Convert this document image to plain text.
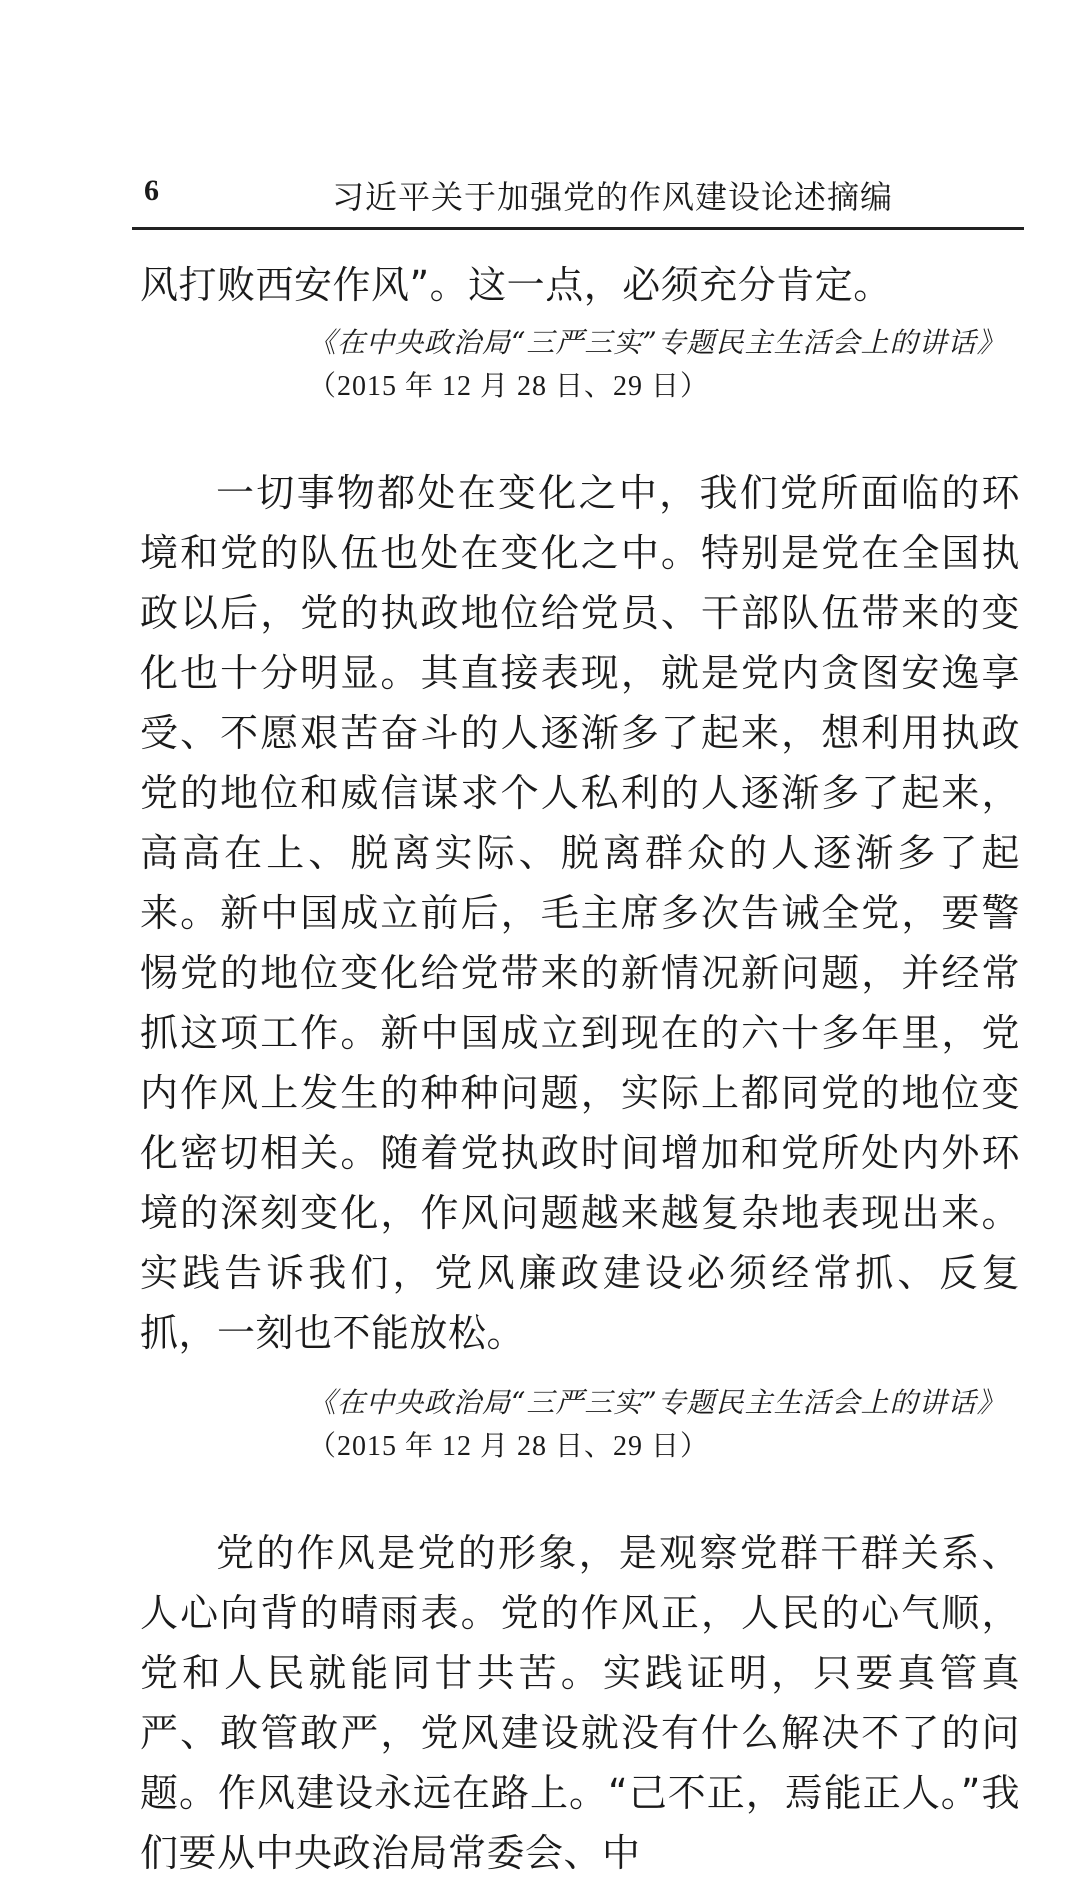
6	习近平关于加强党的作风建设论述摘编

风打败西安作风”。这一点，必须充分肯定。

《在中央政治局“三严三实”专题民主生活会上的讲话》

（2015 年 12 月 28 日、29 日）

一切事物都处在变化之中，我们党所面临的环境和党的队伍也处在变化之中。特别是党在全国执政以后，党的执政地位给党员、干部队伍带来的变化也十分明显。其直接表现，就是党内贪图安逸享受、不愿艰苦奋斗的人逐渐多了起来，想利用执政党的地位和威信谋求个人私利的人逐渐多了起来，高高在上、脱离实际、脱离群众的人逐渐多了起来。新中国成立前后，毛主席多次告诫全党，要警惕党的地位变化给党带来的新情况新问题，并经常抓这项工作。新中国成立到现在的六十多年里，党内作风上发生的种种问题，实际上都同党的地位变化密切相关。随着党执政时间增加和党所处内外环境的深刻变化，作风问题越来越复杂地表现出来。实践告诉我们，党风廉政建设必须经常抓、反复抓，一刻也不能放松。

《在中央政治局“三严三实”专题民主生活会上的讲话》

（2015 年 12 月 28 日、29 日）

党的作风是党的形象，是观察党群干群关系、人心向背的晴雨表。党的作风正，人民的心气顺，党和人民就能同甘共苦。实践证明，只要真管真严、敢管敢严，党风建设就没有什么解决不了的问题。作风建设永远在路上。“己不正，焉能正人。”我们要从中央政治局常委会、中
